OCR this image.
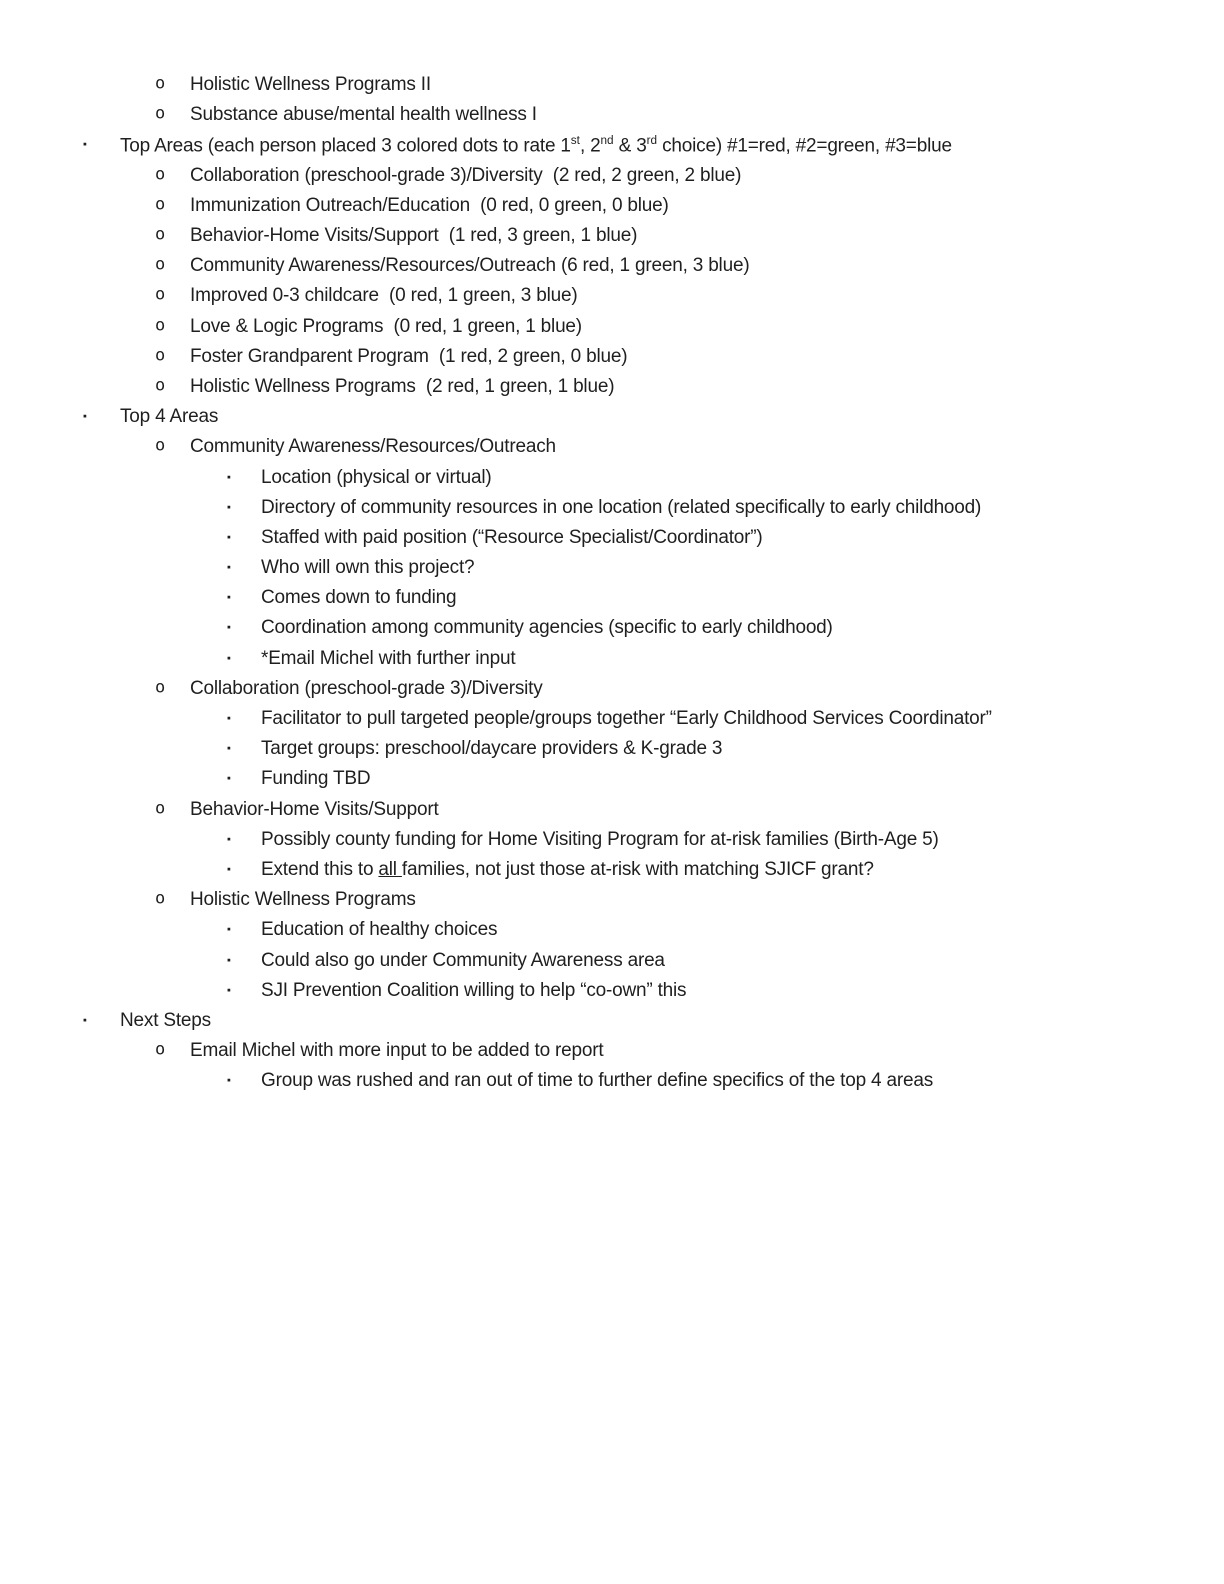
o Holistic Wellness Programs II
o Substance abuse/mental health wellness I
▪ Top Areas (each person placed 3 colored dots to rate 1st, 2nd & 3rd choice) #1=red, #2=green, #3=blue
o Collaboration (preschool-grade 3)/Diversity  (2 red, 2 green, 2 blue)
o Immunization Outreach/Education  (0 red, 0 green, 0 blue)
o Behavior-Home Visits/Support  (1 red, 3 green, 1 blue)
o Community Awareness/Resources/Outreach (6 red, 1 green, 3 blue)
o Improved 0-3 childcare  (0 red, 1 green, 3 blue)
o Love & Logic Programs  (0 red, 1 green, 1 blue)
o Foster Grandparent Program  (1 red, 2 green, 0 blue)
o Holistic Wellness Programs  (2 red, 1 green, 1 blue)
▪ Top 4 Areas
o Community Awareness/Resources/Outreach
▪ Location (physical or virtual)
▪ Directory of community resources in one location (related specifically to early childhood)
▪ Staffed with paid position (“Resource Specialist/Coordinator”)
▪ Who will own this project?
▪ Comes down to funding
▪ Coordination among community agencies (specific to early childhood)
▪ *Email Michel with further input
o Collaboration (preschool-grade 3)/Diversity
▪ Facilitator to pull targeted people/groups together “Early Childhood Services Coordinator”
▪ Target groups: preschool/daycare providers & K-grade 3
▪ Funding TBD
o Behavior-Home Visits/Support
▪ Possibly county funding for Home Visiting Program for at-risk families (Birth-Age 5)
▪ Extend this to all families, not just those at-risk with matching SJICF grant?
o Holistic Wellness Programs
▪ Education of healthy choices
▪ Could also go under Community Awareness area
▪ SJI Prevention Coalition willing to help “co-own” this
▪ Next Steps
o Email Michel with more input to be added to report
▪ Group was rushed and ran out of time to further define specifics of the top 4 areas
